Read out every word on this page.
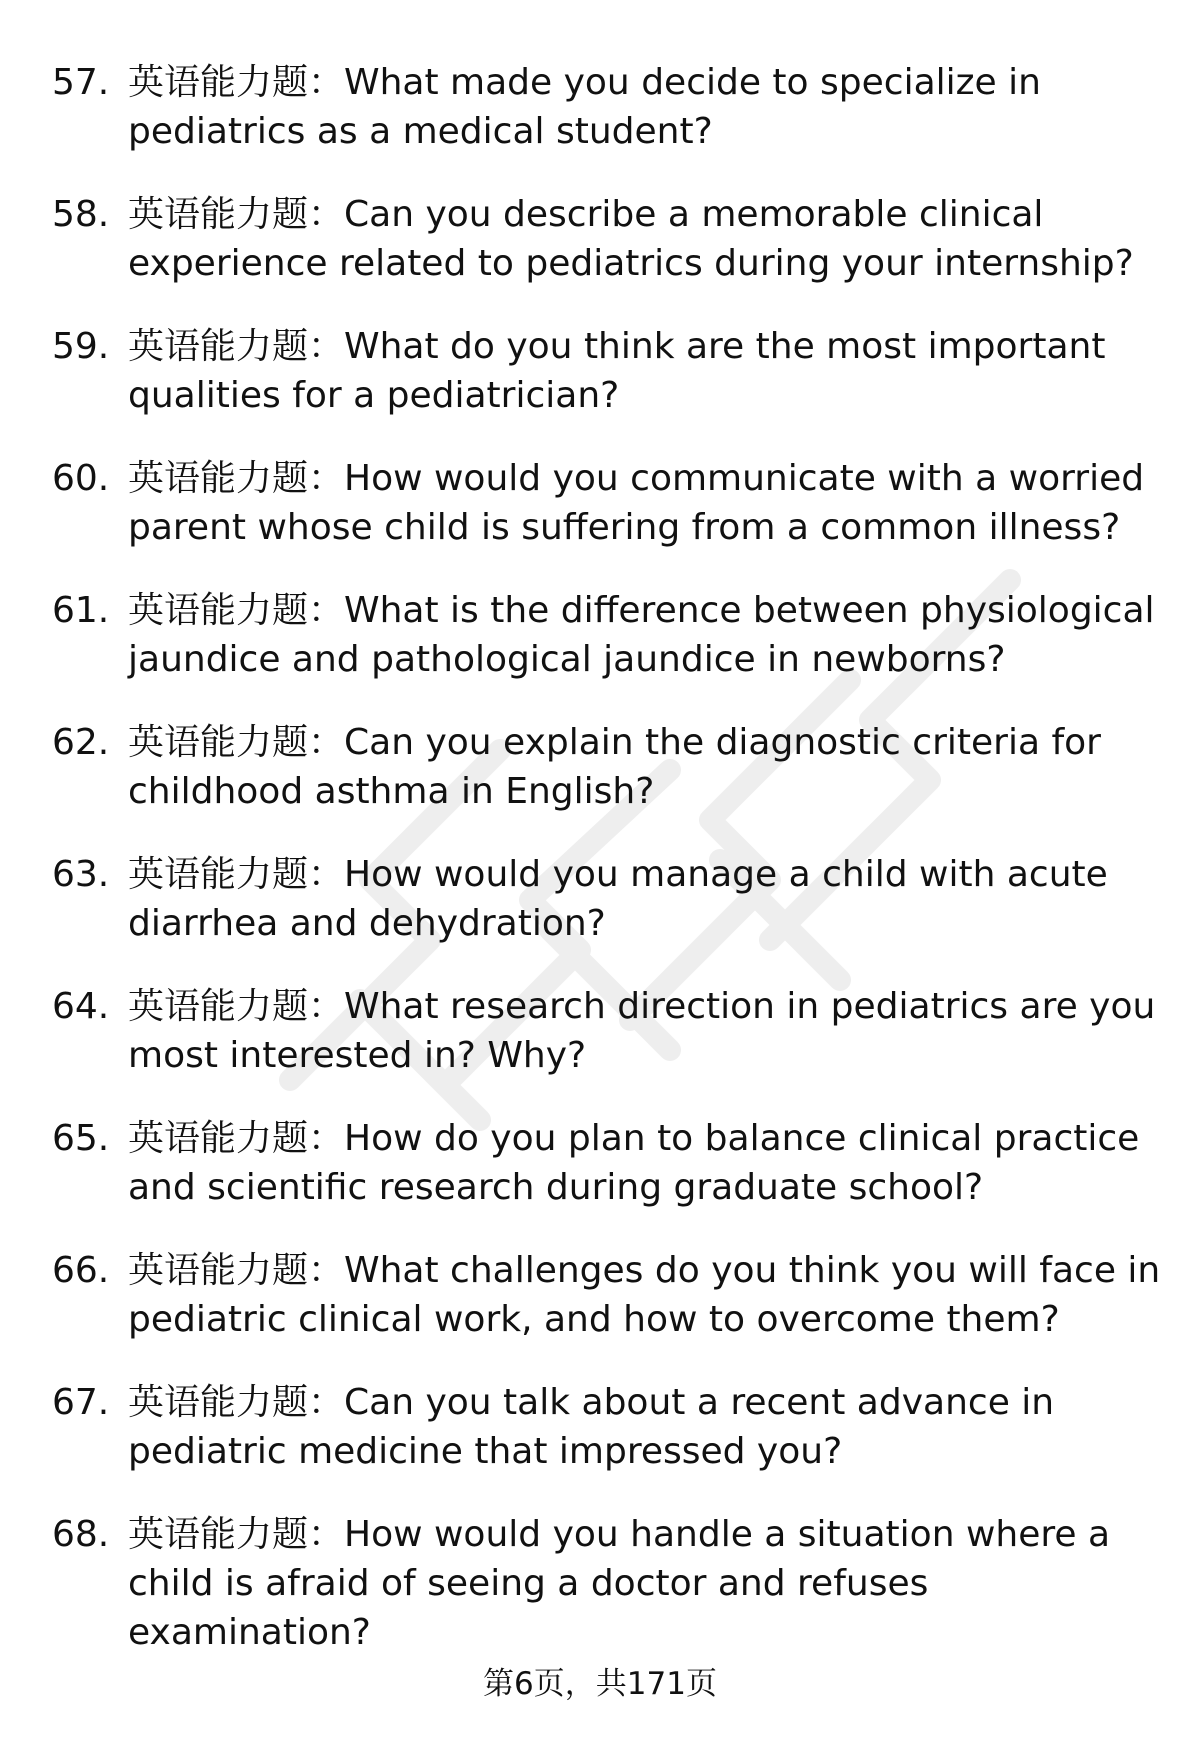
57. 英语能力题：What made you decide to specialize in pediatrics as a medical student?
58. 英语能力题：Can you describe a memorable clinical experience related to pediatrics during your internship?
59. 英语能力题：What do you think are the most important qualities for a pediatrician?
60. 英语能力题：How would you communicate with a worried parent whose child is suffering from a common illness?
61. 英语能力题：What is the difference between physiological jaundice and pathological jaundice in newborns?
62. 英语能力题：Can you explain the diagnostic criteria for childhood asthma in English?
63. 英语能力题：How would you manage a child with acute diarrhea and dehydration?
64. 英语能力题：What research direction in pediatrics are you most interested in? Why?
65. 英语能力题：How do you plan to balance clinical practice and scientific research during graduate school?
66. 英语能力题：What challenges do you think you will face in pediatric clinical work, and how to overcome them?
67. 英语能力题：Can you talk about a recent advance in pediatric medicine that impressed you?
68. 英语能力题：How would you handle a situation where a child is afraid of seeing a doctor and refuses examination?
第6页，共171页
